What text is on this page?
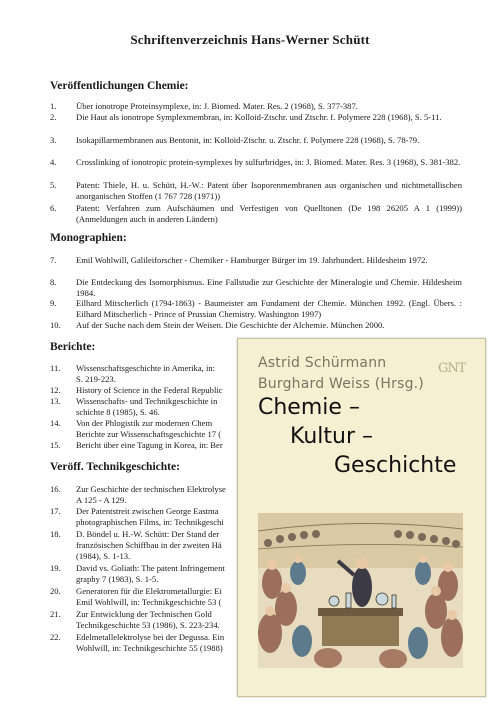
Schriftenverzeichnis Hans-Werner Schütt
Veröffentlichungen Chemie:
1.	Über ionotrope Proteinsymplexe, in: J. Biomed. Mater. Res. 2 (1968), S. 377-387.
2.	Die Haut als ionotrope Symplexmembran, in: Kolloid-Ztschr. und Ztschr. f. Polymere 228 (1968), S. 5-11.
3.	Isokapillarmembranen aus Bentonit, in: Kolloid-Ztschr. u. Ztschr. f. Polymere 228 (1968), S. 78-79.
4.	Crosslinking of ionotropic protein-symplexes by sulfurbridges, in: J. Biomed. Mater. Res. 3 (1968), S. 381-382.
5.	Patent: Thiele, H. u. Schütt, H.-W.: Patent über Isoporenmembranen aus organischen und nichtmetallischen anorganischen Stoffen (1 767 728 (1971))
6.	Patent: Verfahren zum Aufschäumen und Verfestigen von Quelltonen (De 198 26205 A 1 (1999)) (Anmeldungen auch in anderen Ländern)
Monographien:
7.	Emil Wohlwill, Galileiforscher - Chemiker - Hamburger Bürger im 19. Jahrhundert. Hildesheim 1972.
8.	Die Entdeckung des Isomorphismus. Eine Fallstudie zur Geschichte der Mineralogie und Chemie. Hildesheim 1984.
9.	Eilhard Mitscherlich (1794-1863) - Baumeister am Fundament der Chemie. München 1992. (Engl. Übers. : Eilhard Mitscherlich - Prince of Prussian Chemistry. Washington 1997)
10.	Auf der Suche nach dem Stein der Weisen. Die Geschichte der Alchemie. München 2000.
Berichte:
11.	Wissenschaftsgeschichte in Amerika, in:
S. 219-223.
12.	History of Science in the Federal Republic
13.	Wissenschafts- und Technikgeschichte in
schichte 8 (1985), S. 46.
14.	Von der Phlogistik zur modernen Chem
Berichte zur Wissenschaftsgeschichte 17 (
15.	Bericht über eine Tagung in Korea, in: Ber
Veröff. Technikgeschichte:
16.	Zur Geschichte der technischen Elektrolyse
A 125 - A 129.
17.	Der Patentstreit zwischen George Eastma
photographischen Films, in: Technikgeschi
18.	D. Böndel u. H.-W. Schütt: Der Stand der
französischen Schiffbau in der zweiten Hä
(1984), S. 1-13.
19.	David vs. Goliath: The patent Infringement
graphy 7 (1983), S. 1-5.
20.	Generatoren für die Elektrometallurgie: Ei
Emil Wohlwill, in: Technikgeschichte 53 (
21.	Zur Entwicklung der Technischen Gold
Technikgeschichte 53 (1986), S. 223-234.
22.	Edelmetallelektrolyse bei der Degussa. Ein
Wohlwill, in: Technikgeschichte 55 (1988)
Astrid Schürmann
Burghard Weiss (Hrsg.)
GNT
Chemie –
Kultur –
Geschichte
